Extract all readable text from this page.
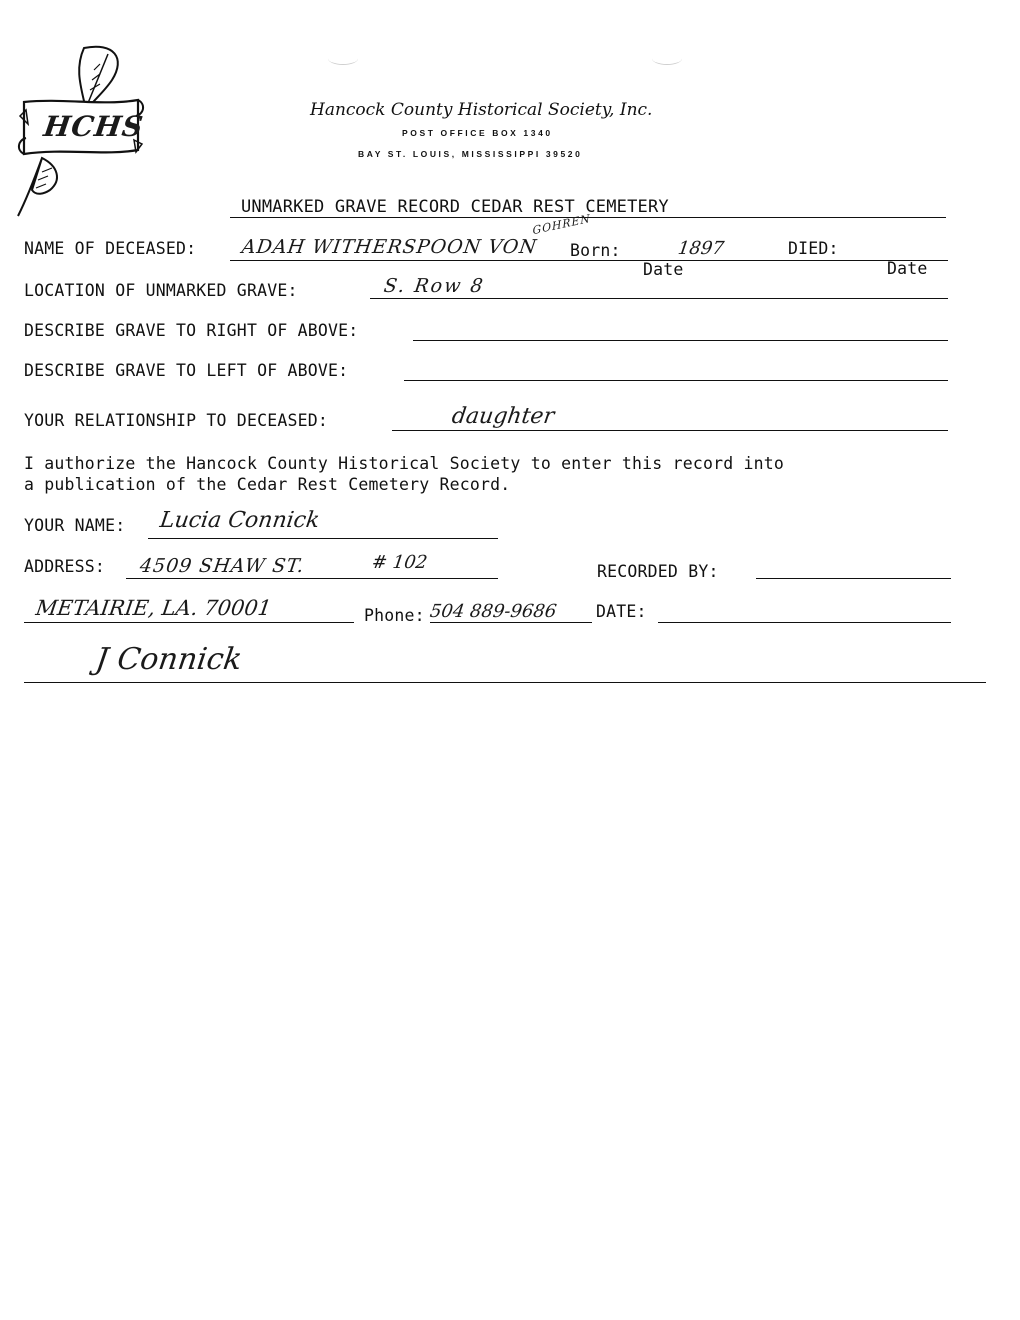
HCHS	Hancock County Historical Society, Inc.
POST OFFICE BOX 1340
BAY ST. LOUIS, MISSISSIPPI 39520
UNMARKED GRAVE RECORD CEDAR REST CEMETERY
NAME OF DECEASED: ADAH WITHERSPOON VON
GOHREN
Born:	1897	DIED:
Date	Date
LOCATION OF UNMARKED GRAVE:	S. Row 8
DESCRIBE GRAVE TO RIGHT OF ABOVE:
DESCRIBE GRAVE TO LEFT OF ABOVE:
YOUR RELATIONSHIP TO DECEASED:	daughter
I authorize the Hancock County Historical Society to enter this record into
a publication of the Cedar Rest Cemetery Record.
YOUR NAME: Lucia Connick
ADDRESS: 4509 SHAW ST.	# 102	RECORDED BY:
METAIRIE, LA. 70001	Phone: 504 889-9686 DATE:
J Connick
